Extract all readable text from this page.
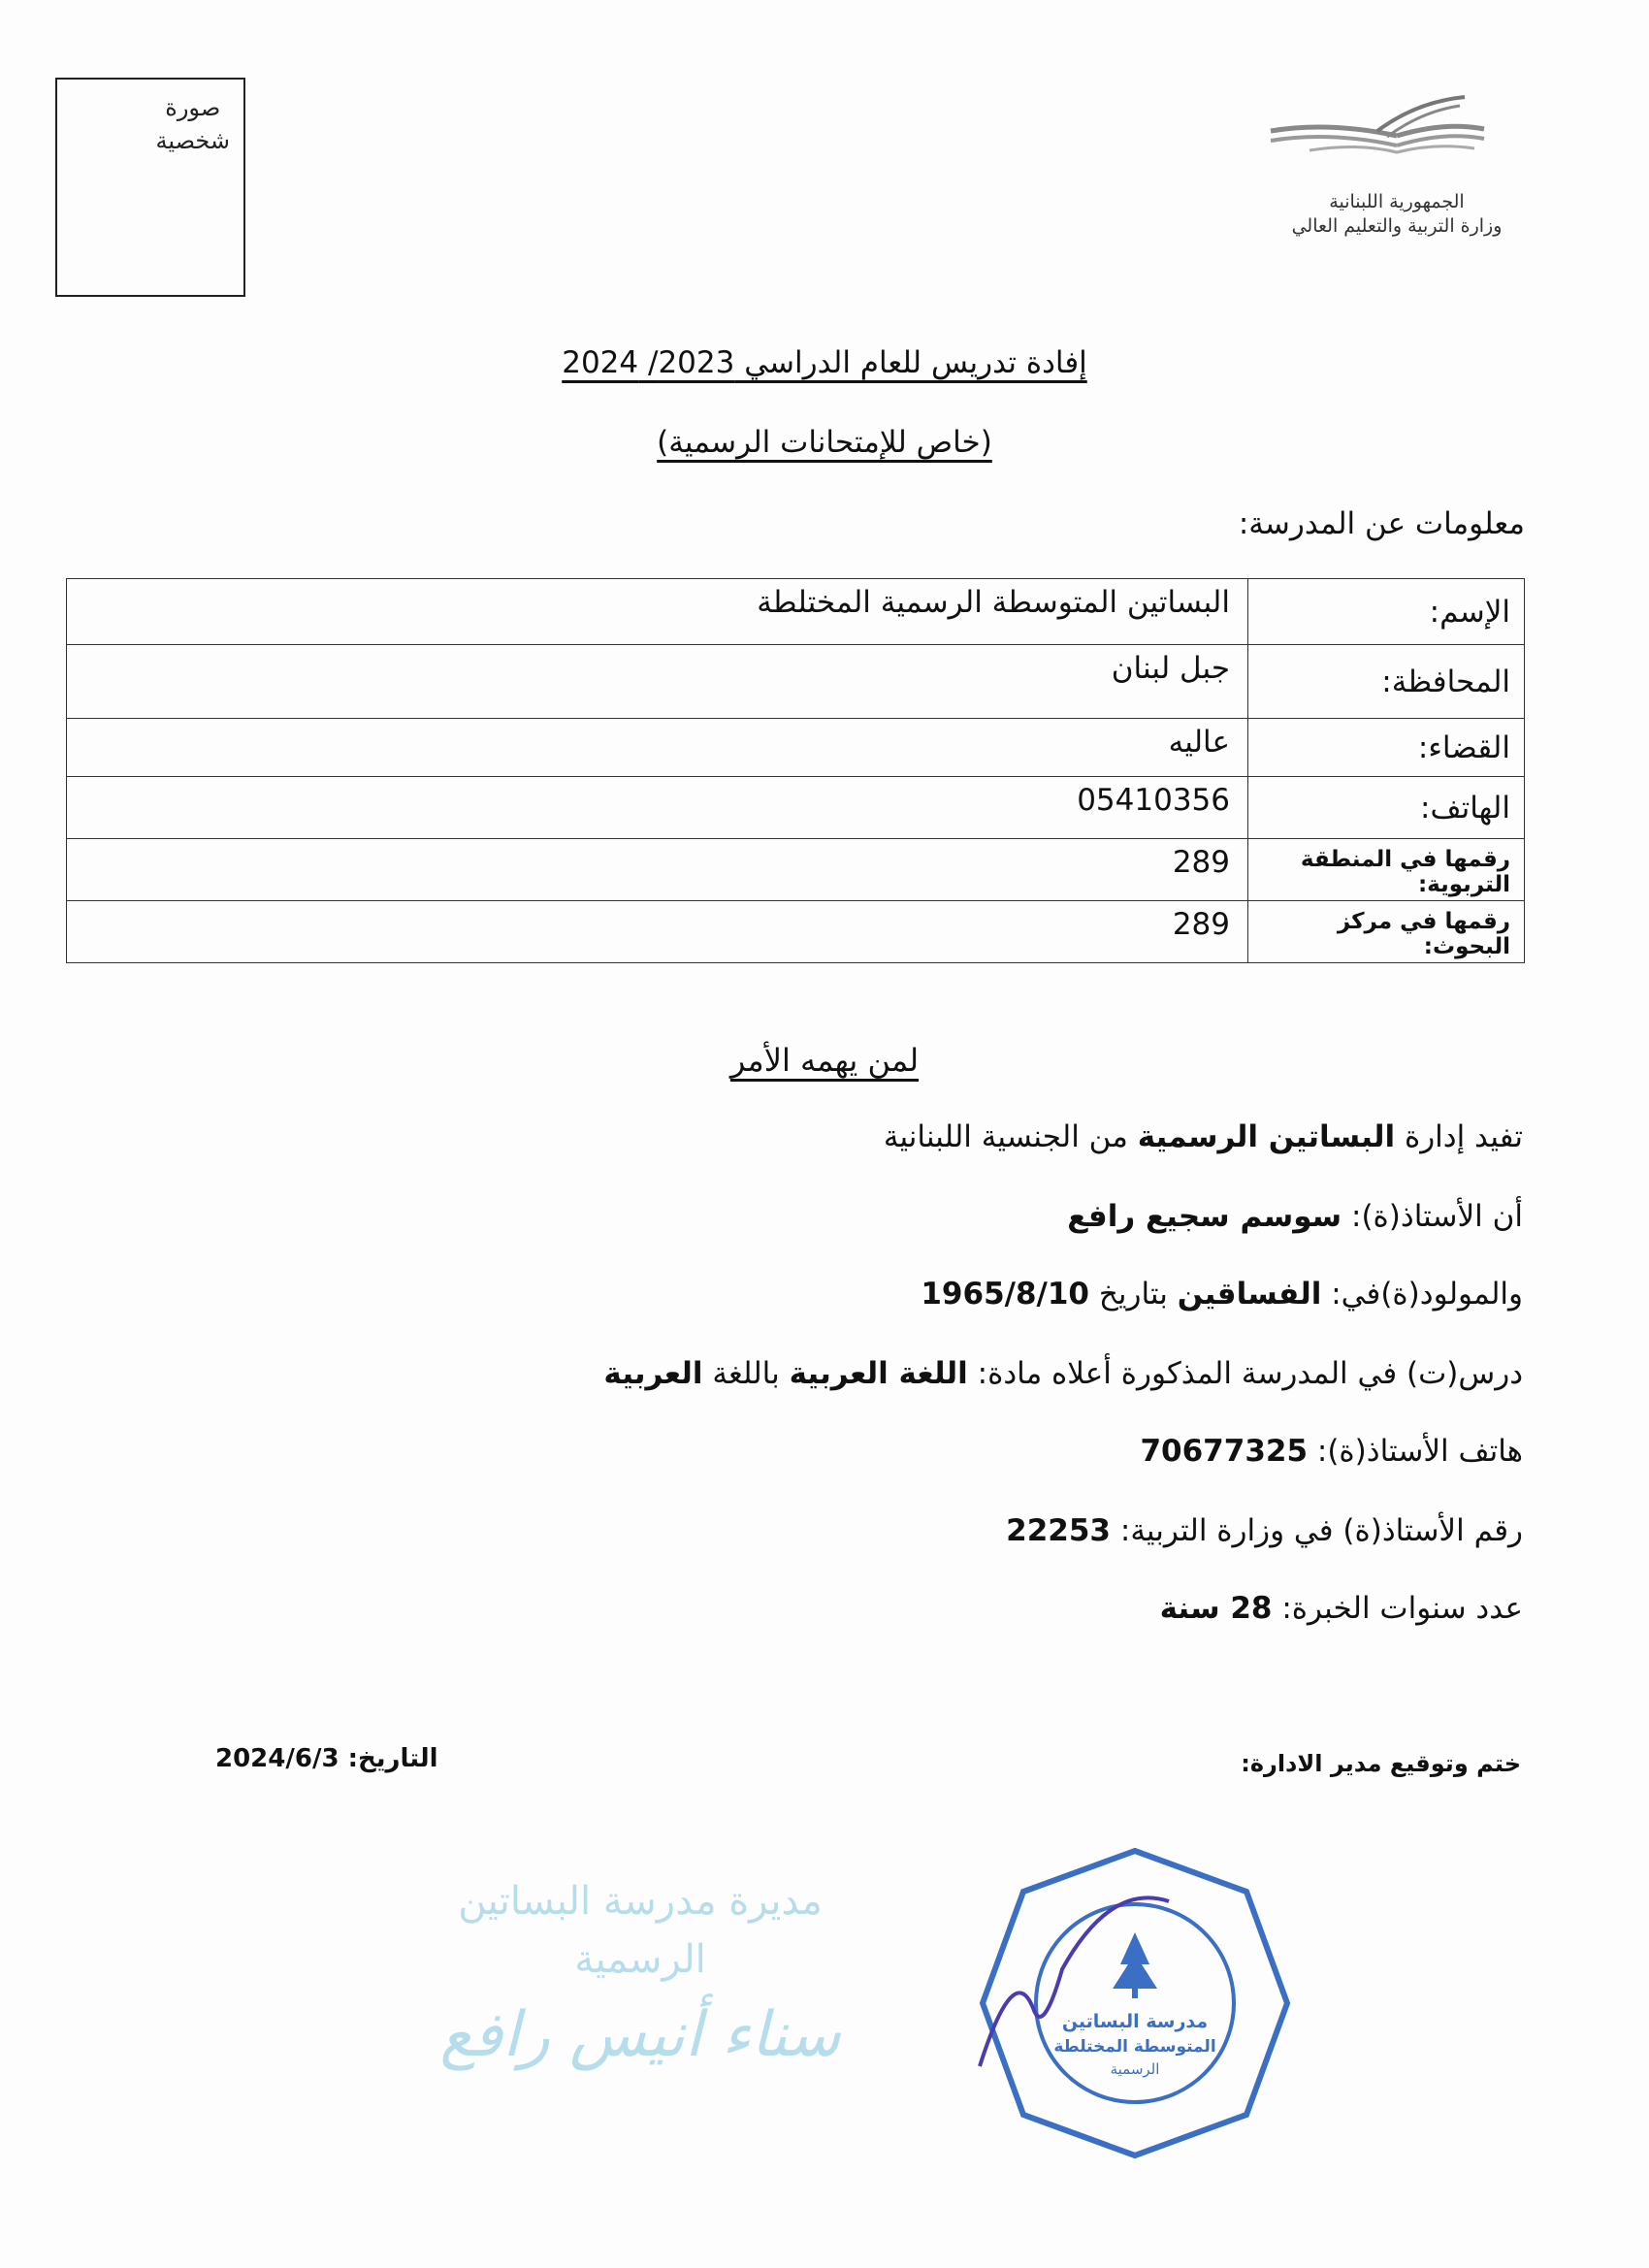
صورة
شخصية
الجمهورية اللبنانية
وزارة التربية والتعليم العالي
إفادة تدريس للعام الدراسي 2023/ 2024
(خاص للإمتحانات الرسمية)
معلومات عن المدرسة:
الإسم:	البساتين المتوسطة الرسمية المختلطة
المحافظة:	جبل لبنان
القضاء:	عاليه
الهاتف:	05410356
رقمها في المنطقة التربوية:	289
رقمها في مركز البحوث:	289
لمن يهمه الأمر
تفيد إدارة البساتين الرسمية من الجنسية اللبنانية
أن الأستاذ(ة): سوسم سجيع رافع
والمولود(ة)في: الفساقين بتاريخ 1965/8/10
درس(ت) في المدرسة المذكورة أعلاه مادة: اللغة العربية باللغة العربية
هاتف الأستاذ(ة): 70677325
رقم الأستاذ(ة) في وزارة التربية: 22253
عدد سنوات الخبرة: 28 سنة
ختم وتوقيع مدير الادارة:
التاريخ: 2024/6/3
مديرة مدرسة البساتين الرسمية
سناء أنيس رافع	مدرسة البساتين
المتوسطة المختلطة
الرسمية
